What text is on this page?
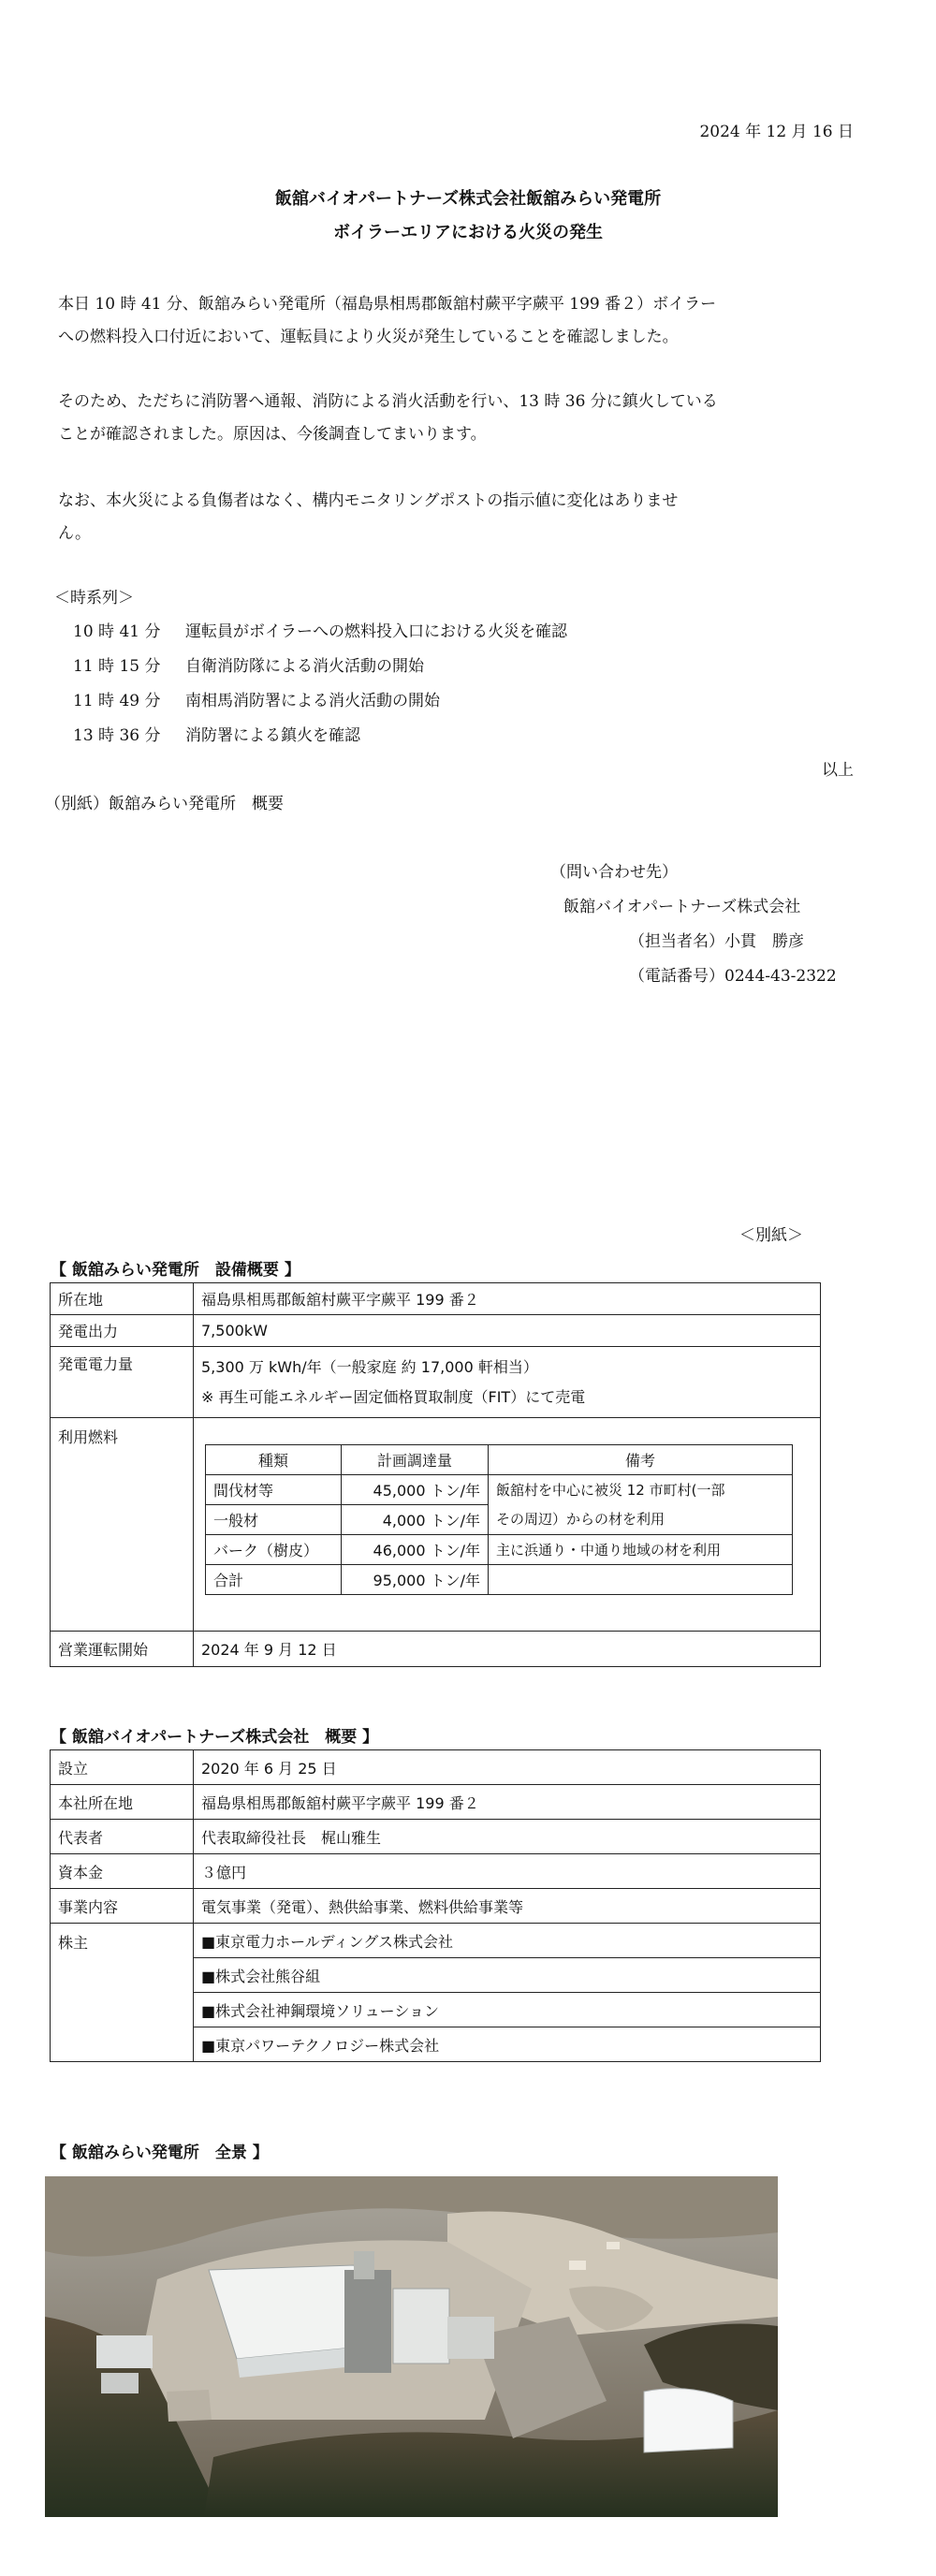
2024 年 12 月 16 日
飯舘バイオパートナーズ株式会社飯舘みらい発電所
ボイラーエリアにおける火災の発生
本日 10 時 41 分、飯舘みらい発電所（福島県相馬郡飯舘村蕨平字蕨平 199 番２）ボイラー
への燃料投入口付近において、運転員により火災が発生していることを確認しました。
そのため、ただちに消防署へ通報、消防による消火活動を行い、13 時 36 分に鎮火している
ことが確認されました。原因は、今後調査してまいります。
なお、本火災による負傷者はなく、構内モニタリングポストの指示値に変化はありませ
ん。
＜時系列＞
10 時 41 分 運転員がボイラーへの燃料投入口における火災を確認
11 時 15 分 自衛消防隊による消火活動の開始
11 時 49 分 南相馬消防署による消火活動の開始
13 時 36 分 消防署による鎮火を確認
以上
（別紙）飯舘みらい発電所　概要
（問い合わせ先）
飯舘バイオパートナーズ株式会社
（担当者名）小貫　勝彦
（電話番号）0244-43-2322
＜別紙＞
【 飯舘みらい発電所　設備概要 】
所在地	福島県相馬郡飯舘村蕨平字蕨平 199 番２
発電出力	7,500kW
発電電力量	5,300 万 kWh/年（一般家庭 約 17,000 軒相当）
※ 再生可能エネルギー固定価格買取制度（FIT）にて売電

利用燃料	
種類	計画調達量	備考
間伐材等	45,000 トン/年	飯舘村を中心に被災 12 市町村(一部
その周辺）からの材を利用

一般材	4,000 トン/年
バーク（樹皮）	46,000 トン/年	主に浜通り・中通り地域の材を利用
合計	95,000 トン/年	

営業運転開始	2024 年 9 月 12 日
【 飯舘バイオパートナーズ株式会社　概要 】
設立	2020 年 6 月 25 日
本社所在地	福島県相馬郡飯舘村蕨平字蕨平 199 番２
代表者	代表取締役社長　梶山雅生
資本金	３億円
事業内容	電気事業（発電）、熱供給事業、燃料供給事業等
株主	■東京電力ホールディングス株式会社
	■株式会社熊谷組
	■株式会社神鋼環境ソリューション
	■東京パワーテクノロジー株式会社
【 飯舘みらい発電所　全景 】
